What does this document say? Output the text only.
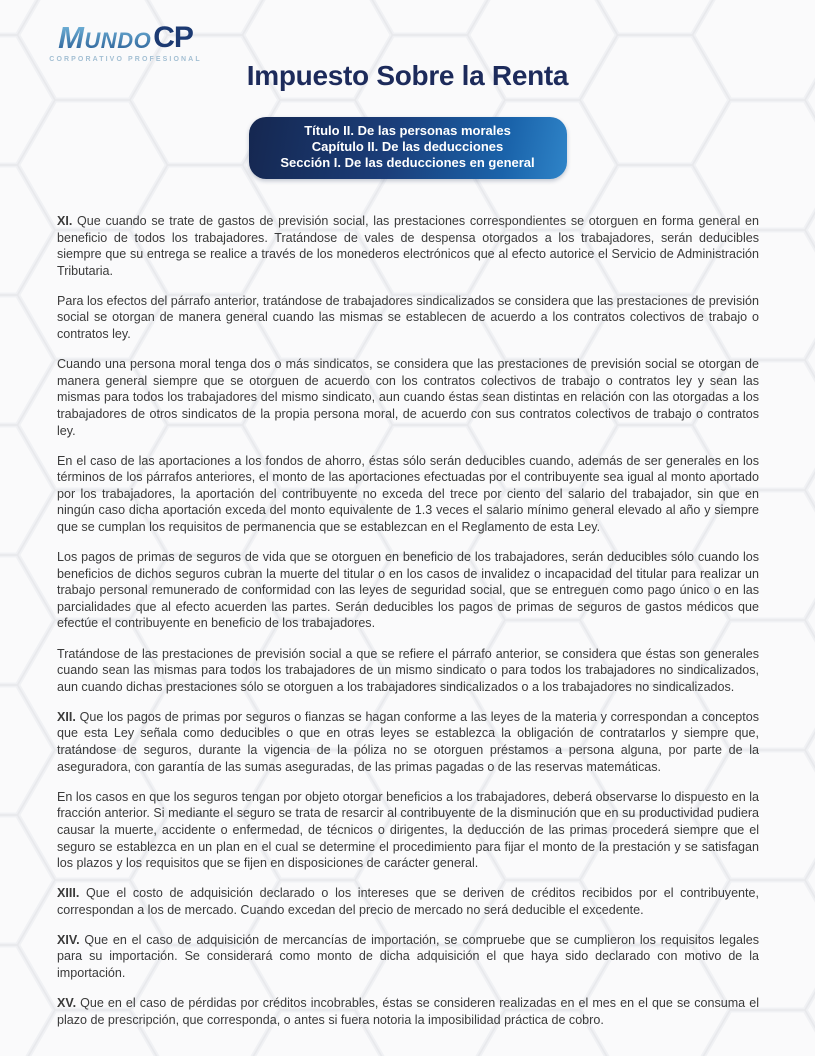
MundoCP
CORPORATIVO PROFESIONAL
Impuesto Sobre la Renta
Título II. De las personas morales
Capítulo II. De las deducciones
Sección I. De las deducciones en general

XI. Que cuando se trate de gastos de previsión social, las prestaciones correspondientes se otorguen en forma general en beneficio de todos los trabajadores. Tratándose de vales de despensa otorgados a los trabajadores, serán deducibles siempre que su entrega se realice a través de los monederos electrónicos que al efecto autorice el Servicio de Administración Tributaria.

Para los efectos del párrafo anterior, tratándose de trabajadores sindicalizados se considera que las prestaciones de previsión social se otorgan de manera general cuando las mismas se establecen de acuerdo a los contratos colectivos de trabajo o contratos ley.

Cuando una persona moral tenga dos o más sindicatos, se considera que las prestaciones de previsión social se otorgan de manera general siempre que se otorguen de acuerdo con los contratos colectivos de trabajo o contratos ley y sean las mismas para todos los trabajadores del mismo sindicato, aun cuando éstas sean distintas en relación con las otorgadas a los trabajadores de otros sindicatos de la propia persona moral, de acuerdo con sus contratos colectivos de trabajo o contratos ley.

En el caso de las aportaciones a los fondos de ahorro, éstas sólo serán deducibles cuando, además de ser generales en los términos de los párrafos anteriores, el monto de las aportaciones efectuadas por el contribuyente sea igual al monto aportado por los trabajadores, la aportación del contribuyente no exceda del trece por ciento del salario del trabajador, sin que en ningún caso dicha aportación exceda del monto equivalente de 1.3 veces el salario mínimo general elevado al año y siempre que se cumplan los requisitos de permanencia que se establezcan en el Reglamento de esta Ley.

Los pagos de primas de seguros de vida que se otorguen en beneficio de los trabajadores, serán deducibles sólo cuando los beneficios de dichos seguros cubran la muerte del titular o en los casos de invalidez o incapacidad del titular para realizar un trabajo personal remunerado de conformidad con las leyes de seguridad social, que se entreguen como pago único o en las parcialidades que al efecto acuerden las partes. Serán deducibles los pagos de primas de seguros de gastos médicos que efectúe el contribuyente en beneficio de los trabajadores.

Tratándose de las prestaciones de previsión social a que se refiere el párrafo anterior, se considera que éstas son generales cuando sean las mismas para todos los trabajadores de un mismo sindicato o para todos los trabajadores no sindicalizados, aun cuando dichas prestaciones sólo se otorguen a los trabajadores sindicalizados o a los trabajadores no sindicalizados.

XII. Que los pagos de primas por seguros o fianzas se hagan conforme a las leyes de la materia y correspondan a conceptos que esta Ley señala como deducibles o que en otras leyes se establezca la obligación de contratarlos y siempre que, tratándose de seguros, durante la vigencia de la póliza no se otorguen préstamos a persona alguna, por parte de la aseguradora, con garantía de las sumas aseguradas, de las primas pagadas o de las reservas matemáticas.

En los casos en que los seguros tengan por objeto otorgar beneficios a los trabajadores, deberá observarse lo dispuesto en la fracción anterior. Si mediante el seguro se trata de resarcir al contribuyente de la disminución que en su productividad pudiera causar la muerte, accidente o enfermedad, de técnicos o dirigentes, la deducción de las primas procederá siempre que el seguro se establezca en un plan en el cual se determine el procedimiento para fijar el monto de la prestación y se satisfagan los plazos y los requisitos que se fijen en disposiciones de carácter general.

XIII. Que el costo de adquisición declarado o los intereses que se deriven de créditos recibidos por el contribuyente, correspondan a los de mercado. Cuando excedan del precio de mercado no será deducible el excedente.

XIV. Que en el caso de adquisición de mercancías de importación, se compruebe que se cumplieron los requisitos legales para su importación. Se considerará como monto de dicha adquisición el que haya sido declarado con motivo de la importación.

XV. Que en el caso de pérdidas por créditos incobrables, éstas se consideren realizadas en el mes en el que se consuma el plazo de prescripción, que corresponda, o antes si fuera notoria la imposibilidad práctica de cobro.
